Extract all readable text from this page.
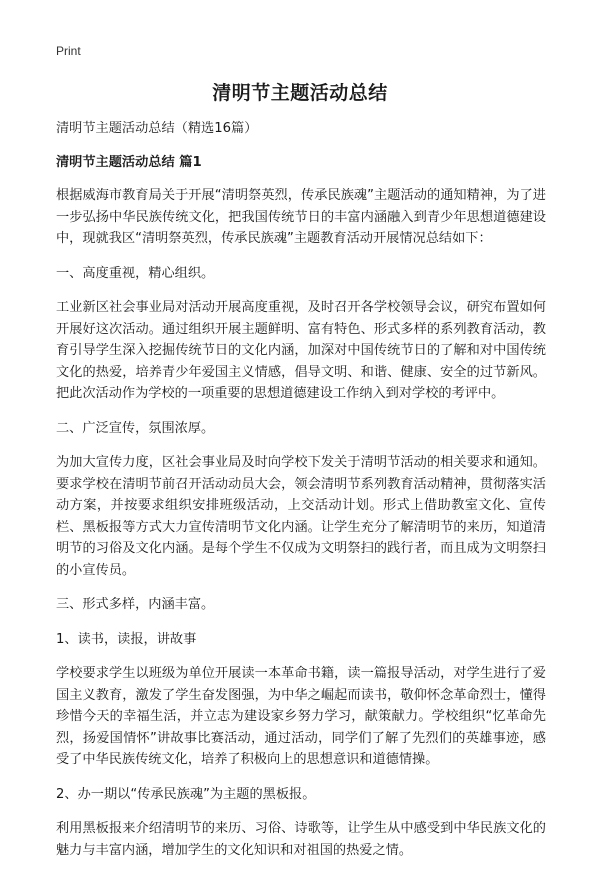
Print
清明节主题活动总结

清明节主题活动总结（精选16篇）

清明节主题活动总结 篇1

根据威海市教育局关于开展“清明祭英烈，传承民族魂”主题活动的通知精神，为了进一步弘扬中华民族传统文化，把我国传统节日的丰富内涵融入到青少年思想道德建设中，现就我区“清明祭英烈，传承民族魂”主题教育活动开展情况总结如下：

一、高度重视，精心组织。

工业新区社会事业局对活动开展高度重视，及时召开各学校领导会议，研究布置如何开展好这次活动。通过组织开展主题鲜明、富有特色、形式多样的系列教育活动，教育引导学生深入挖掘传统节日的文化内涵，加深对中国传统节日的了解和对中国传统文化的热爱，培养青少年爱国主义情感，倡导文明、和谐、健康、安全的过节新风。把此次活动作为学校的一项重要的思想道德建设工作纳入到对学校的考评中。

二、广泛宣传，氛围浓厚。

为加大宣传力度，区社会事业局及时向学校下发关于清明节活动的相关要求和通知。要求学校在清明节前召开活动动员大会，领会清明节系列教育活动精神，贯彻落实活动方案，并按要求组织安排班级活动，上交活动计划。形式上借助教室文化、宣传栏、黑板报等方式大力宣传清明节文化内涵。让学生充分了解清明节的来历，知道清明节的习俗及文化内涵。是每个学生不仅成为文明祭扫的践行者，而且成为文明祭扫的小宣传员。

三、形式多样，内涵丰富。

1、读书，读报，讲故事

学校要求学生以班级为单位开展读一本革命书籍，读一篇报导活动，对学生进行了爱国主义教育，激发了学生奋发图强，为中华之崛起而读书，敬仰怀念革命烈士，懂得珍惜今天的幸福生活，并立志为建设家乡努力学习，献策献力。学校组织“忆革命先烈，扬爱国情怀”讲故事比赛活动，通过活动，同学们了解了先烈们的英雄事迹，感受了中华民族传统文化，培养了积极向上的思想意识和道德情操。

2、办一期以“传承民族魂”为主题的黑板报。

利用黑板报来介绍清明节的来历、习俗、诗歌等，让学生从中感受到中华民族文化的魅力与丰富内涵，增加学生的文化知识和对祖国的热爱之情。
